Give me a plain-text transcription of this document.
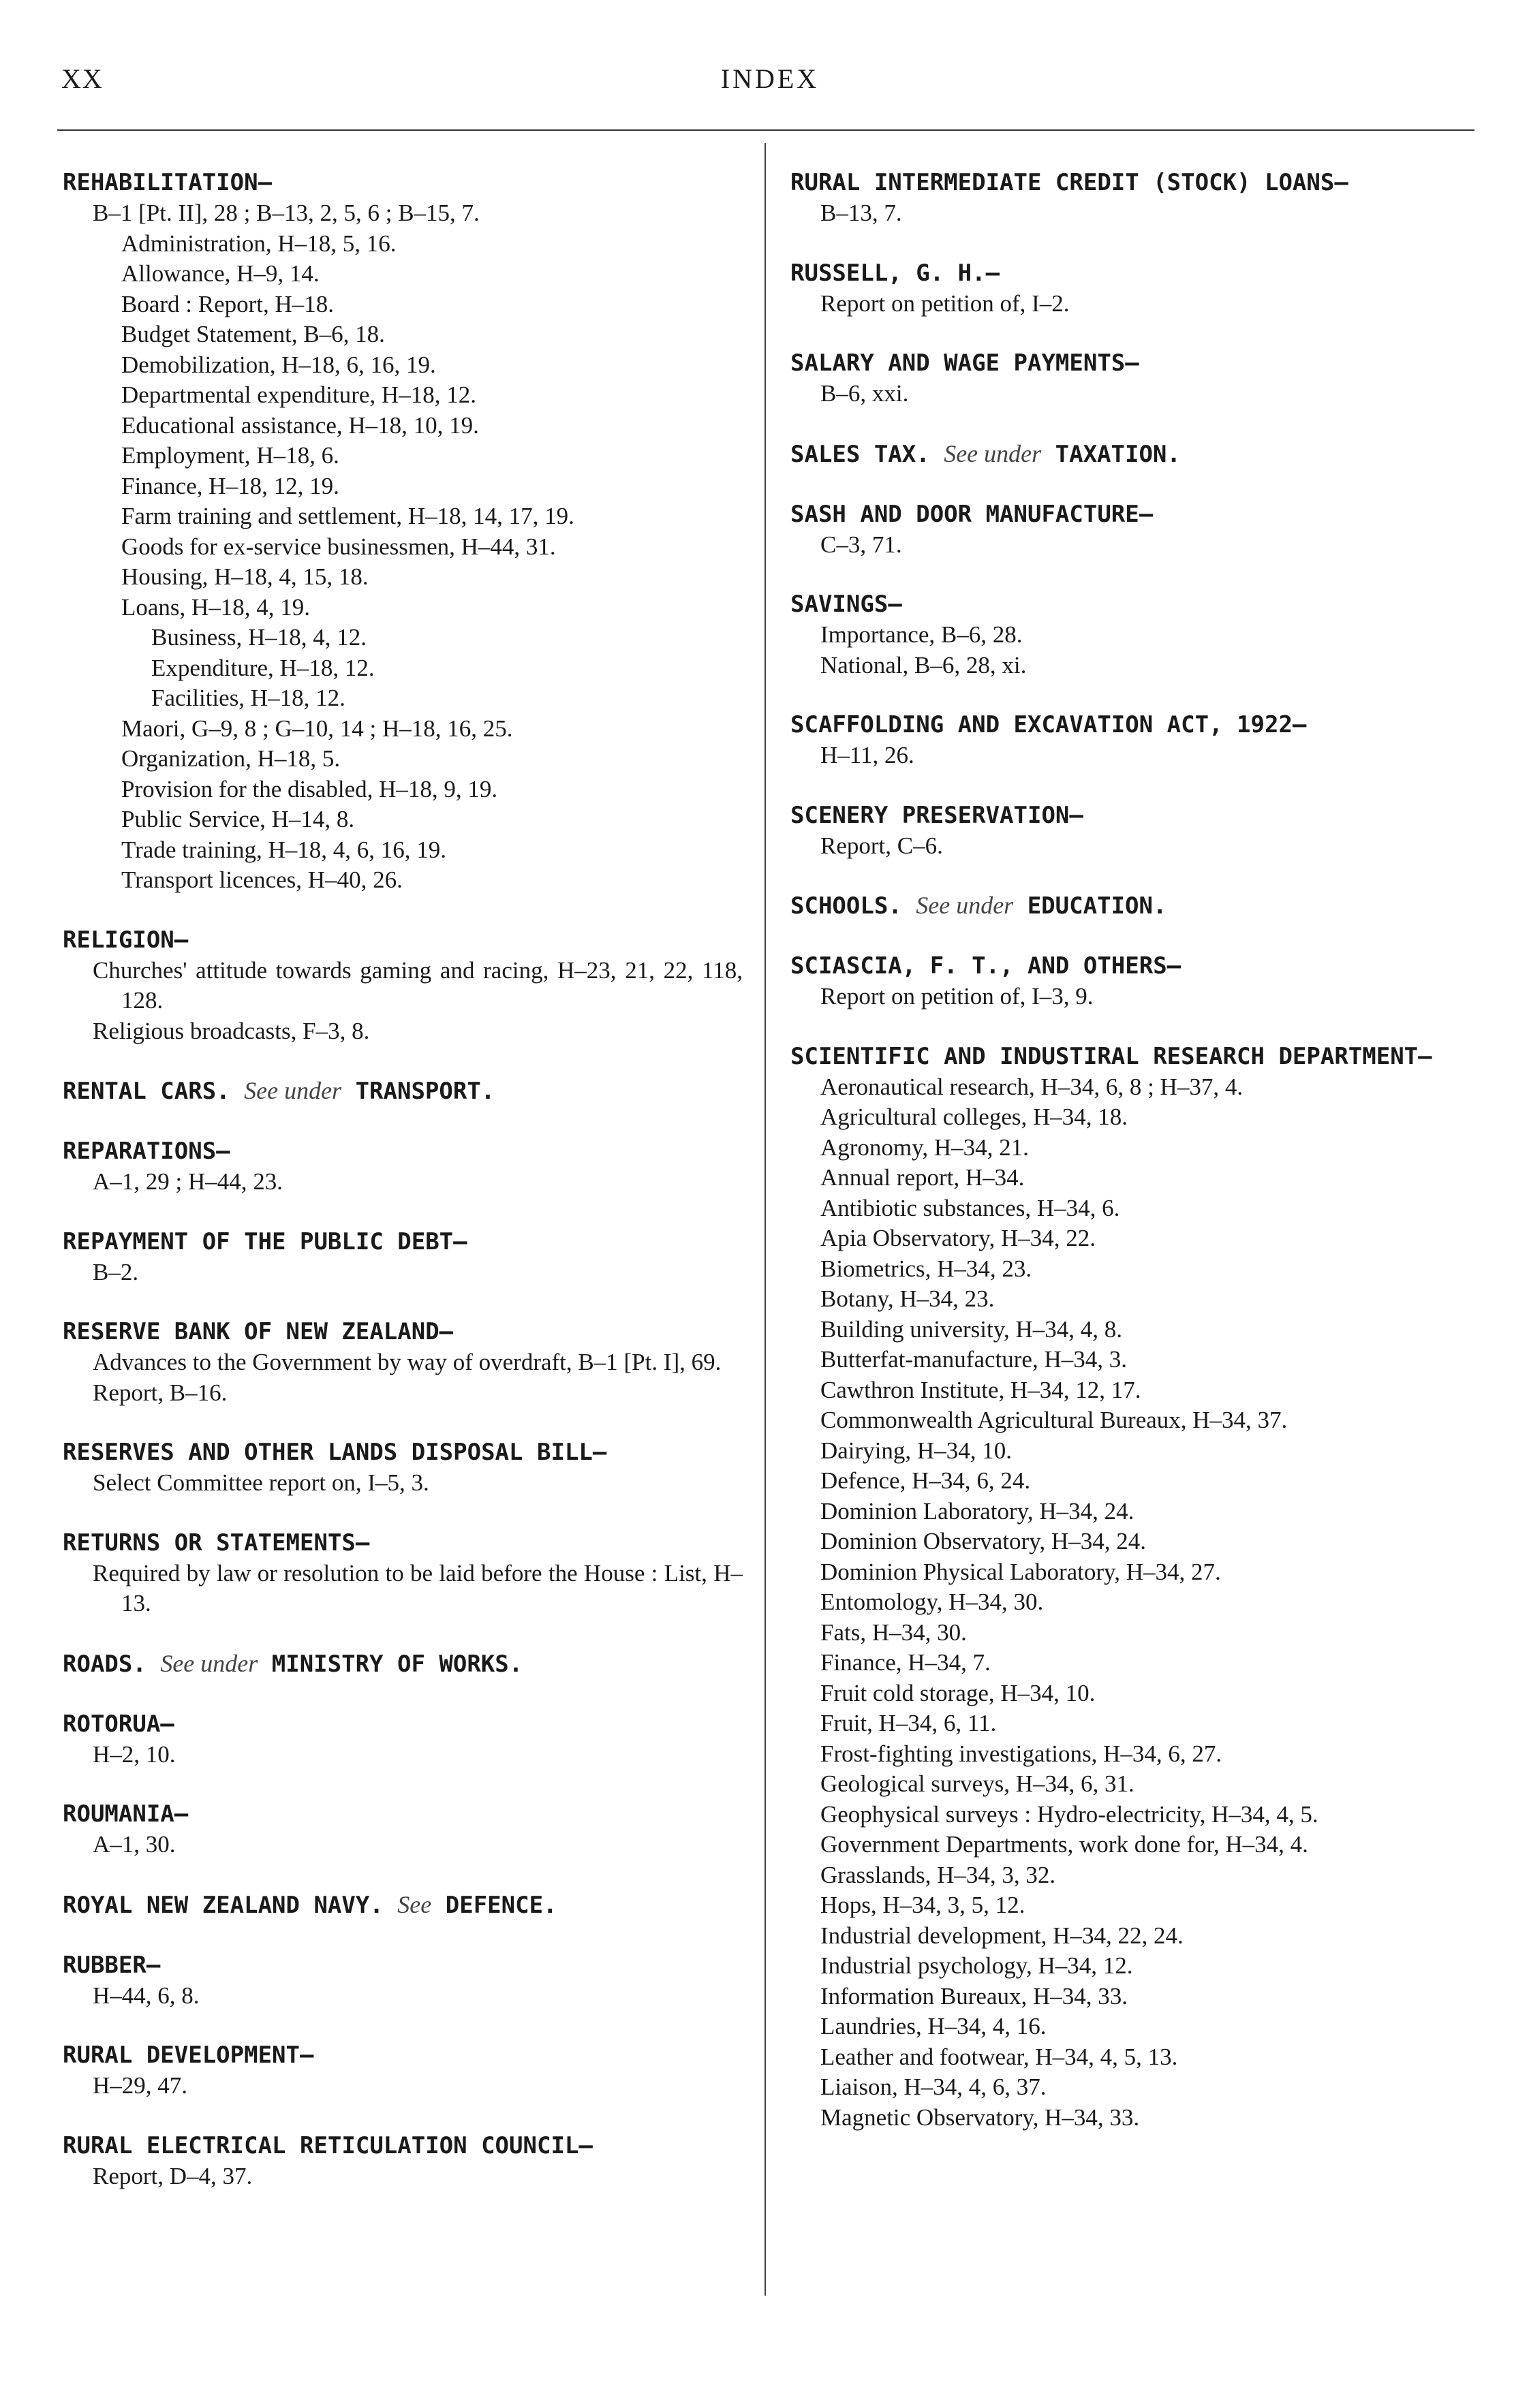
XX	INDEX
REHABILITATION—
B–1 [Pt. II], 28 ; B–13, 2, 5, 6 ; B–15, 7.
Administration, H–18, 5, 16.
Allowance, H–9, 14.
Board : Report, H–18.
Budget Statement, B–6, 18.
Demobilization, H–18, 6, 16, 19.
Departmental expenditure, H–18, 12.
Educational assistance, H–18, 10, 19.
Employment, H–18, 6.
Finance, H–18, 12, 19.
Farm training and settlement, H–18, 14, 17, 19.
Goods for ex-service businessmen, H–44, 31.
Housing, H–18, 4, 15, 18.
Loans, H–18, 4, 19.
Business, H–18, 4, 12.
Expenditure, H–18, 12.
Facilities, H–18, 12.
Maori, G–9, 8 ; G–10, 14 ; H–18, 16, 25.
Organization, H–18, 5.
Provision for the disabled, H–18, 9, 19.
Public Service, H–14, 8.
Trade training, H–18, 4, 6, 16, 19.
Transport licences, H–40, 26.
RELIGION—
Churches' attitude towards gaming and racing, H–23, 21, 22, 118, 128.
Religious broadcasts, F–3, 8.
RENTAL CARS. See under TRANSPORT.
REPARATIONS—
A–1, 29 ; H–44, 23.
REPAYMENT OF THE PUBLIC DEBT—
B–2.
RESERVE BANK OF NEW ZEALAND—
Advances to the Government by way of overdraft, B–1 [Pt. I], 69.
Report, B–16.
RESERVES AND OTHER LANDS DISPOSAL BILL—
Select Committee report on, I–5, 3.
RETURNS OR STATEMENTS—
Required by law or resolution to be laid before the House : List, H–13.
ROADS. See under MINISTRY OF WORKS.
ROTORUA—
H–2, 10.
ROUMANIA—
A–1, 30.
ROYAL NEW ZEALAND NAVY. See DEFENCE.
RUBBER—
H–44, 6, 8.
RURAL DEVELOPMENT—
H–29, 47.
RURAL ELECTRICAL RETICULATION COUNCIL—
Report, D–4, 37.
RURAL INTERMEDIATE CREDIT (STOCK) LOANS—
B–13, 7.
RUSSELL, G. H.—
Report on petition of, I–2.
SALARY AND WAGE PAYMENTS—
B–6, xxi.
SALES TAX. See under TAXATION.
SASH AND DOOR MANUFACTURE—
C–3, 71.
SAVINGS—
Importance, B–6, 28.
National, B–6, 28, xi.
SCAFFOLDING AND EXCAVATION ACT, 1922—
H–11, 26.
SCENERY PRESERVATION—
Report, C–6.
SCHOOLS. See under EDUCATION.
SCIASCIA, F. T., AND OTHERS—
Report on petition of, I–3, 9.
SCIENTIFIC AND INDUSTIRAL RESEARCH DEPARTMENT—
Aeronautical research, H–34, 6, 8 ; H–37, 4.
Agricultural colleges, H–34, 18.
Agronomy, H–34, 21.
Annual report, H–34.
Antibiotic substances, H–34, 6.
Apia Observatory, H–34, 22.
Biometrics, H–34, 23.
Botany, H–34, 23.
Building university, H–34, 4, 8.
Butterfat-manufacture, H–34, 3.
Cawthron Institute, H–34, 12, 17.
Commonwealth Agricultural Bureaux, H–34, 37.
Dairying, H–34, 10.
Defence, H–34, 6, 24.
Dominion Laboratory, H–34, 24.
Dominion Observatory, H–34, 24.
Dominion Physical Laboratory, H–34, 27.
Entomology, H–34, 30.
Fats, H–34, 30.
Finance, H–34, 7.
Fruit cold storage, H–34, 10.
Fruit, H–34, 6, 11.
Frost-fighting investigations, H–34, 6, 27.
Geological surveys, H–34, 6, 31.
Geophysical surveys : Hydro-electricity, H–34, 4, 5.
Government Departments, work done for, H–34, 4.
Grasslands, H–34, 3, 32.
Hops, H–34, 3, 5, 12.
Industrial development, H–34, 22, 24.
Industrial psychology, H–34, 12.
Information Bureaux, H–34, 33.
Laundries, H–34, 4, 16.
Leather and footwear, H–34, 4, 5, 13.
Liaison, H–34, 4, 6, 37.
Magnetic Observatory, H–34, 33.
